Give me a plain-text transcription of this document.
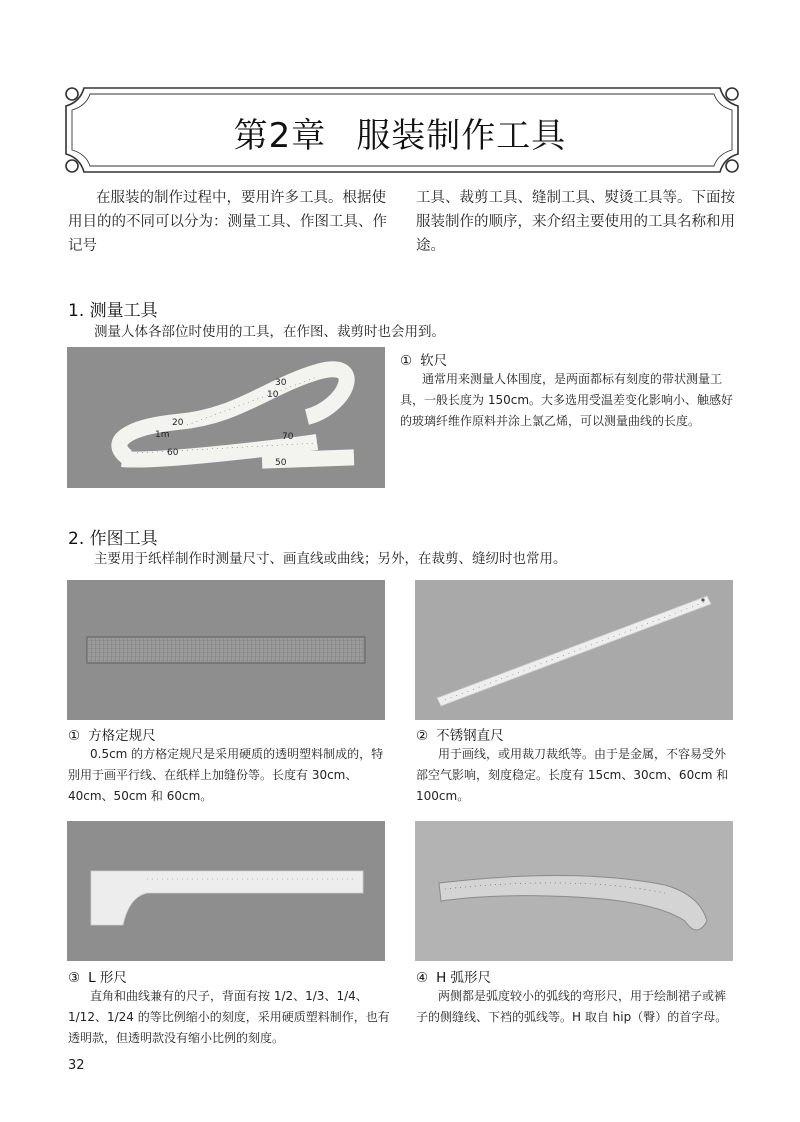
第2章 服装制作工具
在服装的制作过程中，要用许多工具。根据使用目的的不同可以分为：测量工具、作图工具、作记号
工具、裁剪工具、缝制工具、熨烫工具等。下面按服装制作的顺序，来介绍主要使用的工具名称和用途。
1. 测量工具
测量人体各部位时使用的工具，在作图、裁剪时也会用到。
30
10
20
1m	70
60
50
① 软尺
通常用来测量人体围度，是两面都标有刻度的带状测量工具，一般长度为 150cm。大多选用受温差变化影响小、触感好的玻璃纤维作原料并涂上氯乙烯，可以测量曲线的长度。
2. 作图工具
主要用于纸样制作时测量尺寸、画直线或曲线；另外，在裁剪、缝纫时也常用。
① 方格定规尺
0.5cm 的方格定规尺是采用硬质的透明塑料制成的，特别用于画平行线、在纸样上加缝份等。长度有 30cm、40cm、50cm 和 60cm。
② 不锈钢直尺
用于画线，或用裁刀裁纸等。由于是金属，不容易受外部空气影响，刻度稳定。长度有 15cm、30cm、60cm 和 100cm。
③ L 形尺
直角和曲线兼有的尺子，背面有按 1/2、1/3、1/4、1/12、1/24 的等比例缩小的刻度，采用硬质塑料制作，也有透明款，但透明款没有缩小比例的刻度。
④ H 弧形尺
两侧都是弧度较小的弧线的弯形尺，用于绘制裙子或裤子的侧缝线、下裆的弧线等。H 取自 hip（臀）的首字母。
32
